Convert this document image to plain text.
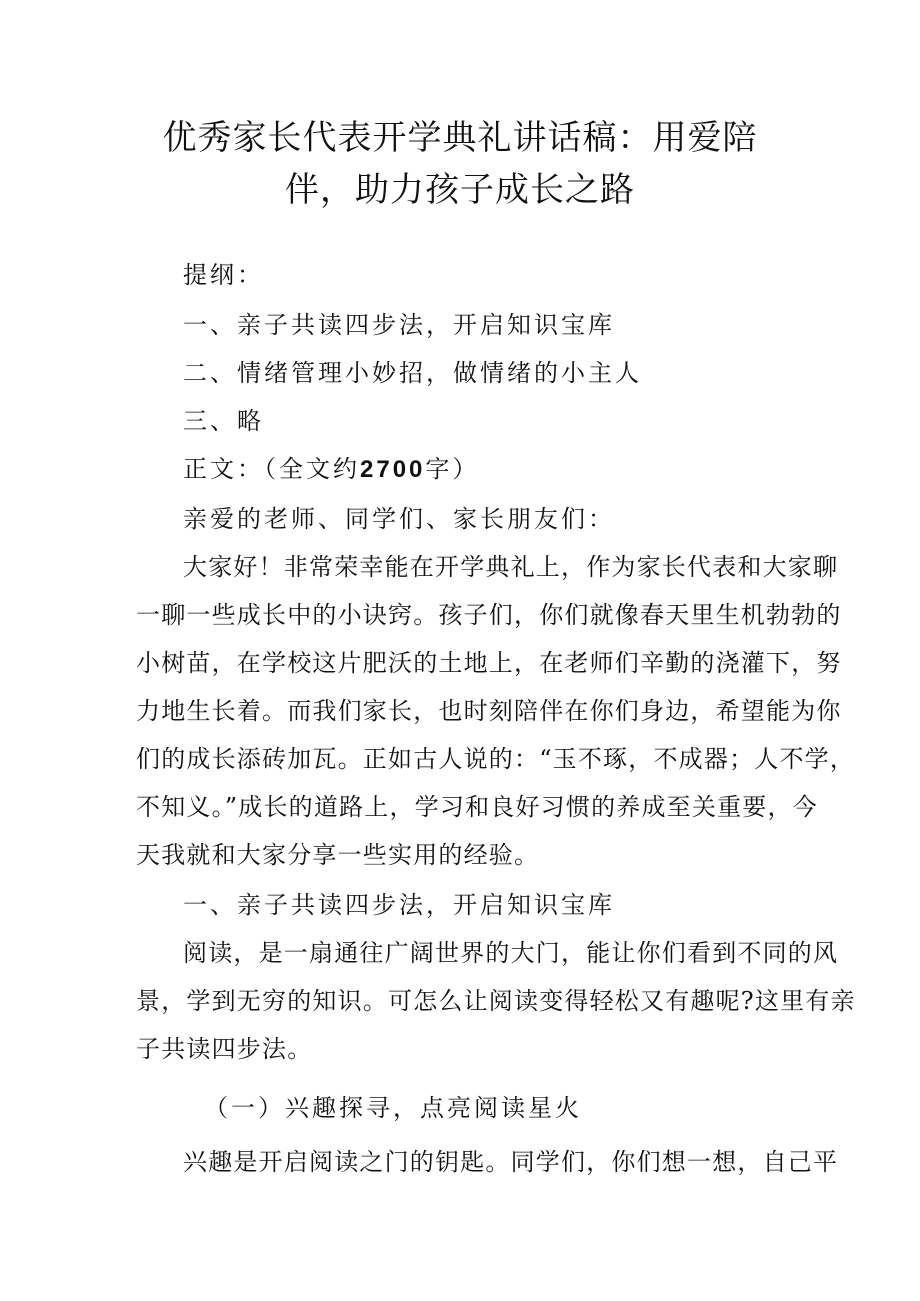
优秀家长代表开学典礼讲话稿：用爱陪
伴，助力孩子成长之路

提纲：

一、亲子共读四步法，开启知识宝库

二、情绪管理小妙招，做情绪的小主人

三、略

正文：（全文约2700字）

亲爱的老师、同学们、家长朋友们：

大家好！非常荣幸能在开学典礼上，作为家长代表和大家聊

一聊一些成长中的小诀窍。孩子们，你们就像春天里生机勃勃的

小树苗，在学校这片肥沃的土地上，在老师们辛勤的浇灌下，努

力地生长着。而我们家长，也时刻陪伴在你们身边，希望能为你

们的成长添砖加瓦。正如古人说的：“玉不琢，不成器；人不学，

不知义。”成长的道路上，学习和良好习惯的养成至关重要，今

天我就和大家分享一些实用的经验。

一、亲子共读四步法，开启知识宝库

阅读，是一扇通往广阔世界的大门，能让你们看到不同的风

景，学到无穷的知识。可怎么让阅读变得轻松又有趣呢?这里有亲

子共读四步法。

（一）兴趣探寻，点亮阅读星火

兴趣是开启阅读之门的钥匙。同学们，你们想一想，自己平
